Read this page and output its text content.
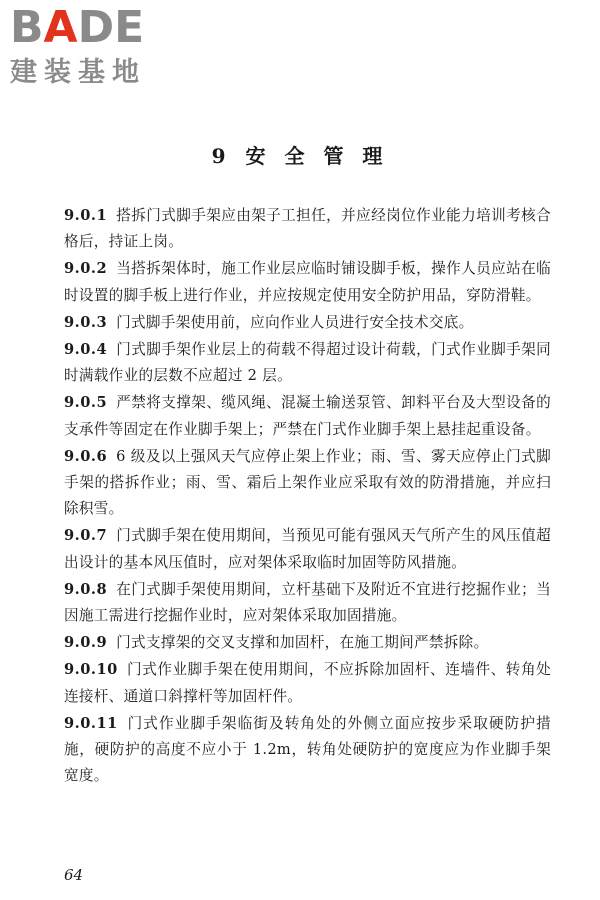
BADE
建装基地
9 安 全 管 理

9.0.1 搭拆门式脚手架应由架子工担任，并应经岗位作业能力培训考核合格后，持证上岗。

9.0.2 当搭拆架体时，施工作业层应临时铺设脚手板，操作人员应站在临时设置的脚手板上进行作业，并应按规定使用安全防护用品，穿防滑鞋。

9.0.3 门式脚手架使用前，应向作业人员进行安全技术交底。

9.0.4 门式脚手架作业层上的荷载不得超过设计荷载，门式作业脚手架同时满载作业的层数不应超过 2 层。

9.0.5 严禁将支撑架、缆风绳、混凝土输送泵管、卸料平台及大型设备的支承件等固定在作业脚手架上；严禁在门式作业脚手架上悬挂起重设备。

9.0.6 6 级及以上强风天气应停止架上作业；雨、雪、雾天应停止门式脚手架的搭拆作业；雨、雪、霜后上架作业应采取有效的防滑措施，并应扫除积雪。

9.0.7 门式脚手架在使用期间，当预见可能有强风天气所产生的风压值超出设计的基本风压值时，应对架体采取临时加固等防风措施。

9.0.8 在门式脚手架使用期间，立杆基础下及附近不宜进行挖掘作业；当因施工需进行挖掘作业时，应对架体采取加固措施。

9.0.9 门式支撑架的交叉支撑和加固杆，在施工期间严禁拆除。

9.0.10 门式作业脚手架在使用期间，不应拆除加固杆、连墙件、转角处连接杆、通道口斜撑杆等加固杆件。

9.0.11 门式作业脚手架临街及转角处的外侧立面应按步采取硬防护措施，硬防护的高度不应小于 1.2m，转角处硬防护的宽度应为作业脚手架宽度。

64
